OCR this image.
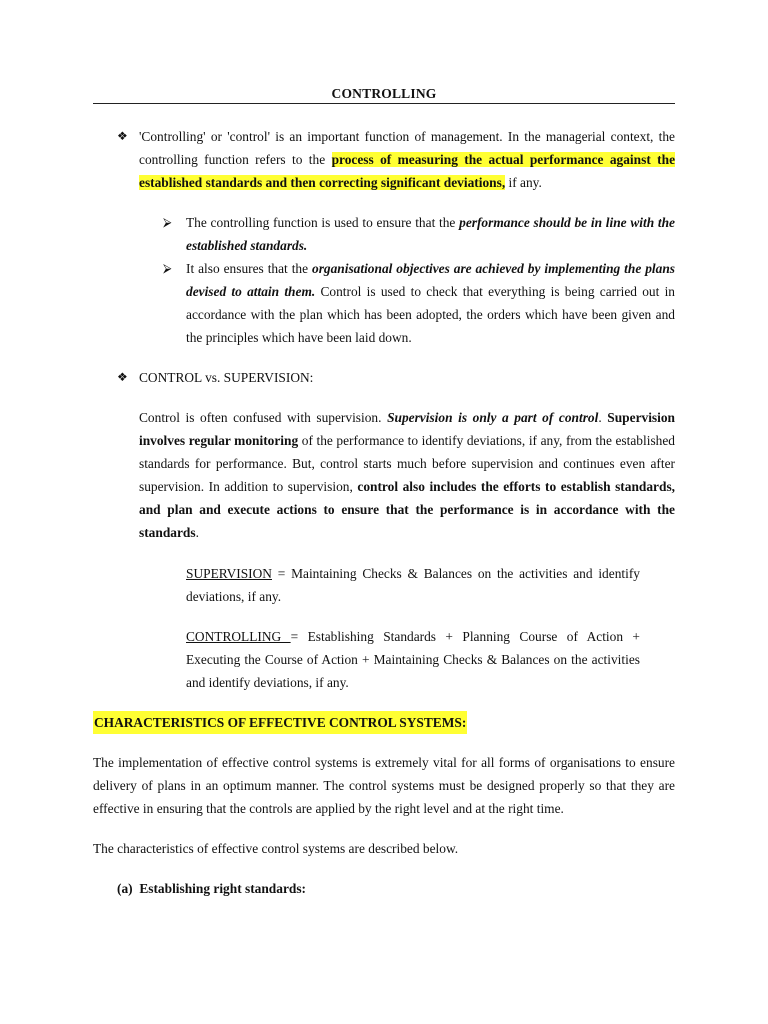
CONTROLLING
❖ 'Controlling' or 'control' is an important function of management. In the managerial context, the controlling function refers to the process of measuring the actual performance against the established standards and then correcting significant deviations, if any.
⮚ The controlling function is used to ensure that the performance should be in line with the established standards.
⮚ It also ensures that the organisational objectives are achieved by implementing the plans devised to attain them. Control is used to check that everything is being carried out in accordance with the plan which has been adopted, the orders which have been given and the principles which have been laid down.
❖ CONTROL vs. SUPERVISION:
Control is often confused with supervision. Supervision is only a part of control. Supervision involves regular monitoring of the performance to identify deviations, if any, from the established standards for performance. But, control starts much before supervision and continues even after supervision. In addition to supervision, control also includes the efforts to establish standards, and plan and execute actions to ensure that the performance is in accordance with the standards.
SUPERVISION = Maintaining Checks & Balances on the activities and identify deviations, if any.
CONTROLLING = Establishing Standards + Planning Course of Action + Executing the Course of Action + Maintaining Checks & Balances on the activities and identify deviations, if any.
CHARACTERISTICS OF EFFECTIVE CONTROL SYSTEMS:
The implementation of effective control systems is extremely vital for all forms of organisations to ensure delivery of plans in an optimum manner. The control systems must be designed properly so that they are effective in ensuring that the controls are applied by the right level and at the right time.
The characteristics of effective control systems are described below.
(a) Establishing right standards:
